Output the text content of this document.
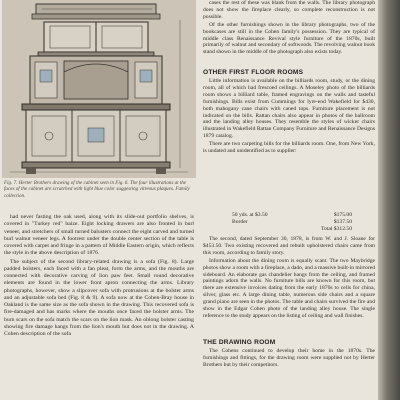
Fig. 7. Herter Brothers drawing of the cabinet seen in Fig. 6. The four illustrations at the faces of the cabinet are scratched with light blue color suggesting vitreous plaques. Family collection.

had never fasting the oak used, along with its slide-out portfolio shelves, is covered in "Turkey red" baize. Eight locking drawers are also fronted in burl veneer, and stretchers of small turned balusters connect the eight carved and turned burl walnut veneer legs. A footrest under the double center section of the table is covered with carpet and fringe in a pattern of Middle Eastern origin, which reflects the style in the above description of 1876.

The subject of the second library-related drawing is a sofa (Fig. 8). Large padded bolsters, each faced with a fan pleat, form the arms, and the mouths are connected with decorative carving of lion paw feet. Small round decorative elements are found in the lower front apron connecting the arms. Library photographs, however, show a slipcover sofa with protrusions at the bolster arms and an adjustable sofa bed (Fig. 8 & 9). A sofa now at the Cohen-Bray house in Oakland is the same size as the sofa shown in the drawing. This recovered sofa is fire-damaged and has marks where the mouths once faced the bolster arms. The burn scars on the sofa match the scars on the lion mask. An oblong bolster casting showing fire damage hangs from the lion's mouth but does not in the drawing. A Cohen description of the sofa

cases the rest of these was blank from the walls. The library photograph does not show the fireplace clearly, so complete reconstruction is not possible.

Of the other furnishings shown in the library photographs, two of the bookcases are still in the Cohen family's possession. They are typical of middle class Renaissance Revival style furniture of the 1870s, built primarily of walnut and secondary of softwoods. The revolving walnut book stand shown in the middle of the photograph also exists today.

OTHER FIRST FLOOR ROOMS

Little information is available on the billiards room, study, or the dining room, all of which had frescoed ceilings. A Moseley photo of the billiards room shows a billiard table, framed engravings on the walls and tasteful furnishings. Bills exist from Cummings for lyre-end Wakefield for $430, both mahogany cane chairs with caned tops. Furniture placement is not indicated on the bills. Rattan chairs also appear in photos of the ballroom and the landing alley houses. They resemble the styles of wicker chairs illustrated in Wakefield Rattan Company Furniture and Renaissance Designs 1879 catalog.

There are two carpeting bills for the billiards room. One, from New York, is undated and unidentified as to supplier:

50 yds. at $3.50	$175.00
Border	$137.50
Total $312.50

The second, dated September 30, 1878, is from W. and J. Sloane for $453.50. Two existing recovered and rebuilt upholstered chairs came from this room, according to family story.

Information about the dining room is equally scant. The two Maybridge photos show a room with a fireplace, a dado, and a massive built-in mirrored sideboard. An elaborate gas chandelier hangs from the ceiling, and framed paintings adorn the walls. No furniture bills are known for this room, but there are extensive invoices dating from the early 1870s to cells for china, silver, glass etc. A large dining table, numerous side chairs and a square grand piano are seen in the photos. The table and chairs survived the fire and show in the Edgar Cohen photo of the landing alley house. The single reference to the study appears on the listing of ceiling and wall finishes.

THE DRAWING ROOM

The Cohens continued to develop their home in the 1870s. The furnishings and fittings, for the drawing room were supplied not by Herter Brothers but by their competitors.
